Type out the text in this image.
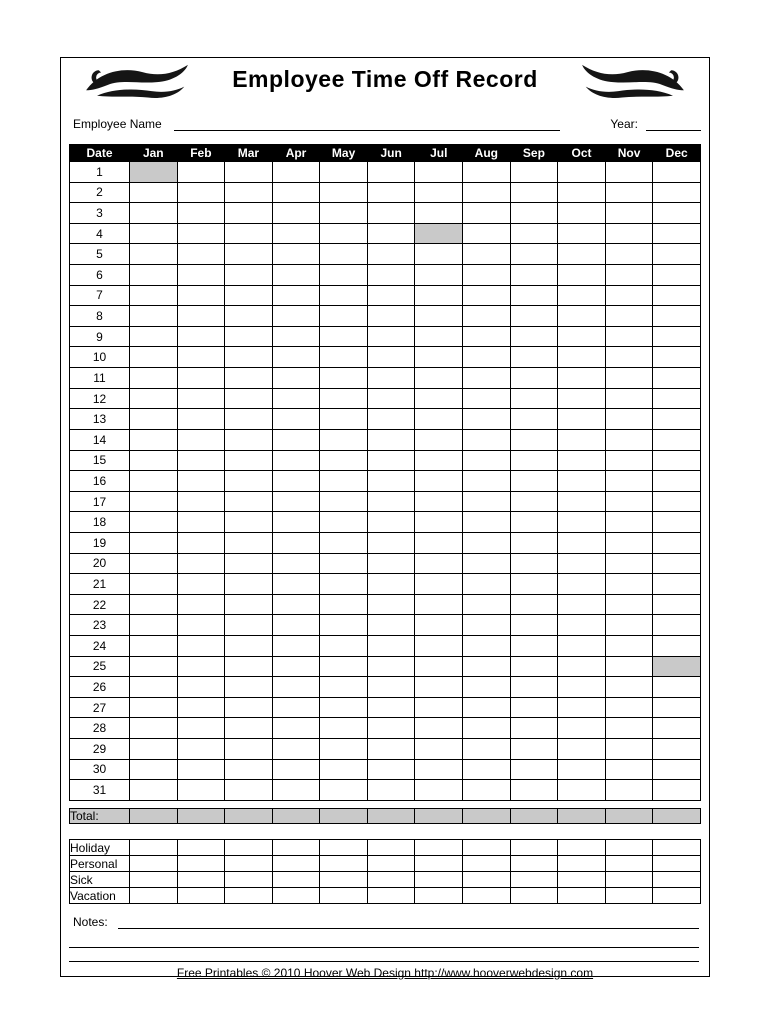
Employee Time Off Record
Employee Name	Year:
Date	Jan	Feb	Mar	Apr	May	Jun	Jul	Aug	Sep	Oct	Nov	Dec
1												
2												
3												
4												
5												
6												
7												
8												
9												
10												
11												
12												
13												
14												
15												
16												
17												
18												
19												
20												
21												
22												
23												
24												
25												
26												
27												
28												
29												
30												
31												
Total:												
Holiday												
Personal												
Sick												
Vacation												
Notes:
Free Printables © 2010 Hoover Web Design http://www.hooverwebdesign.com
